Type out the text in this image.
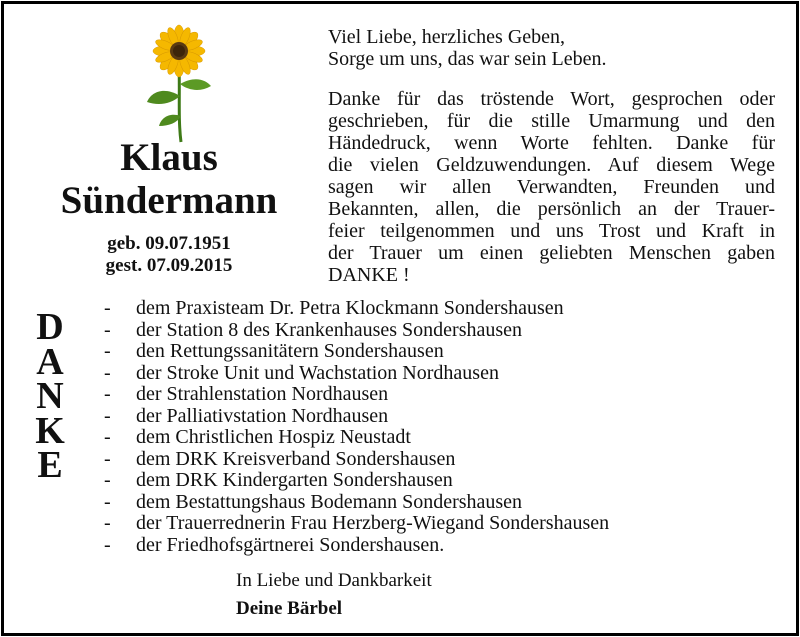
Klaus
Sündermann
geb. 09.07.1951
gest. 07.09.2015
Viel Liebe, herzliches Geben,
Sorge um uns, das war sein Leben.
Danke für das tröstende Wort, gesprochen oder
geschrieben, für die stille Umarmung und den
Händedruck, wenn Worte fehlten. Danke für
die vielen Geldzuwendungen. Auf diesem Wege
sagen wir allen Verwandten, Freunden und
Bekannten, allen, die persönlich an der Trauer-
feier teilgenommen und uns Trost und Kraft in
der Trauer um einen geliebten Menschen gaben
DANKE !
D
A
N
K
E
-	dem Praxisteam Dr. Petra Klockmann Sondershausen
-	der Station 8 des Krankenhauses Sondershausen
-	den Rettungssanitätern Sondershausen
-	der Stroke Unit und Wachstation Nordhausen
-	der Strahlenstation Nordhausen
-	der Palliativstation Nordhausen
-	dem Christlichen Hospiz Neustadt
-	dem DRK Kreisverband Sondershausen
-	dem DRK Kindergarten Sondershausen
-	dem Bestattungshaus Bodemann Sondershausen
-	der Trauerrednerin Frau Herzberg-Wiegand Sondershausen
-	der Friedhofsgärtnerei Sondershausen.
In Liebe und Dankbarkeit
Deine Bärbel
